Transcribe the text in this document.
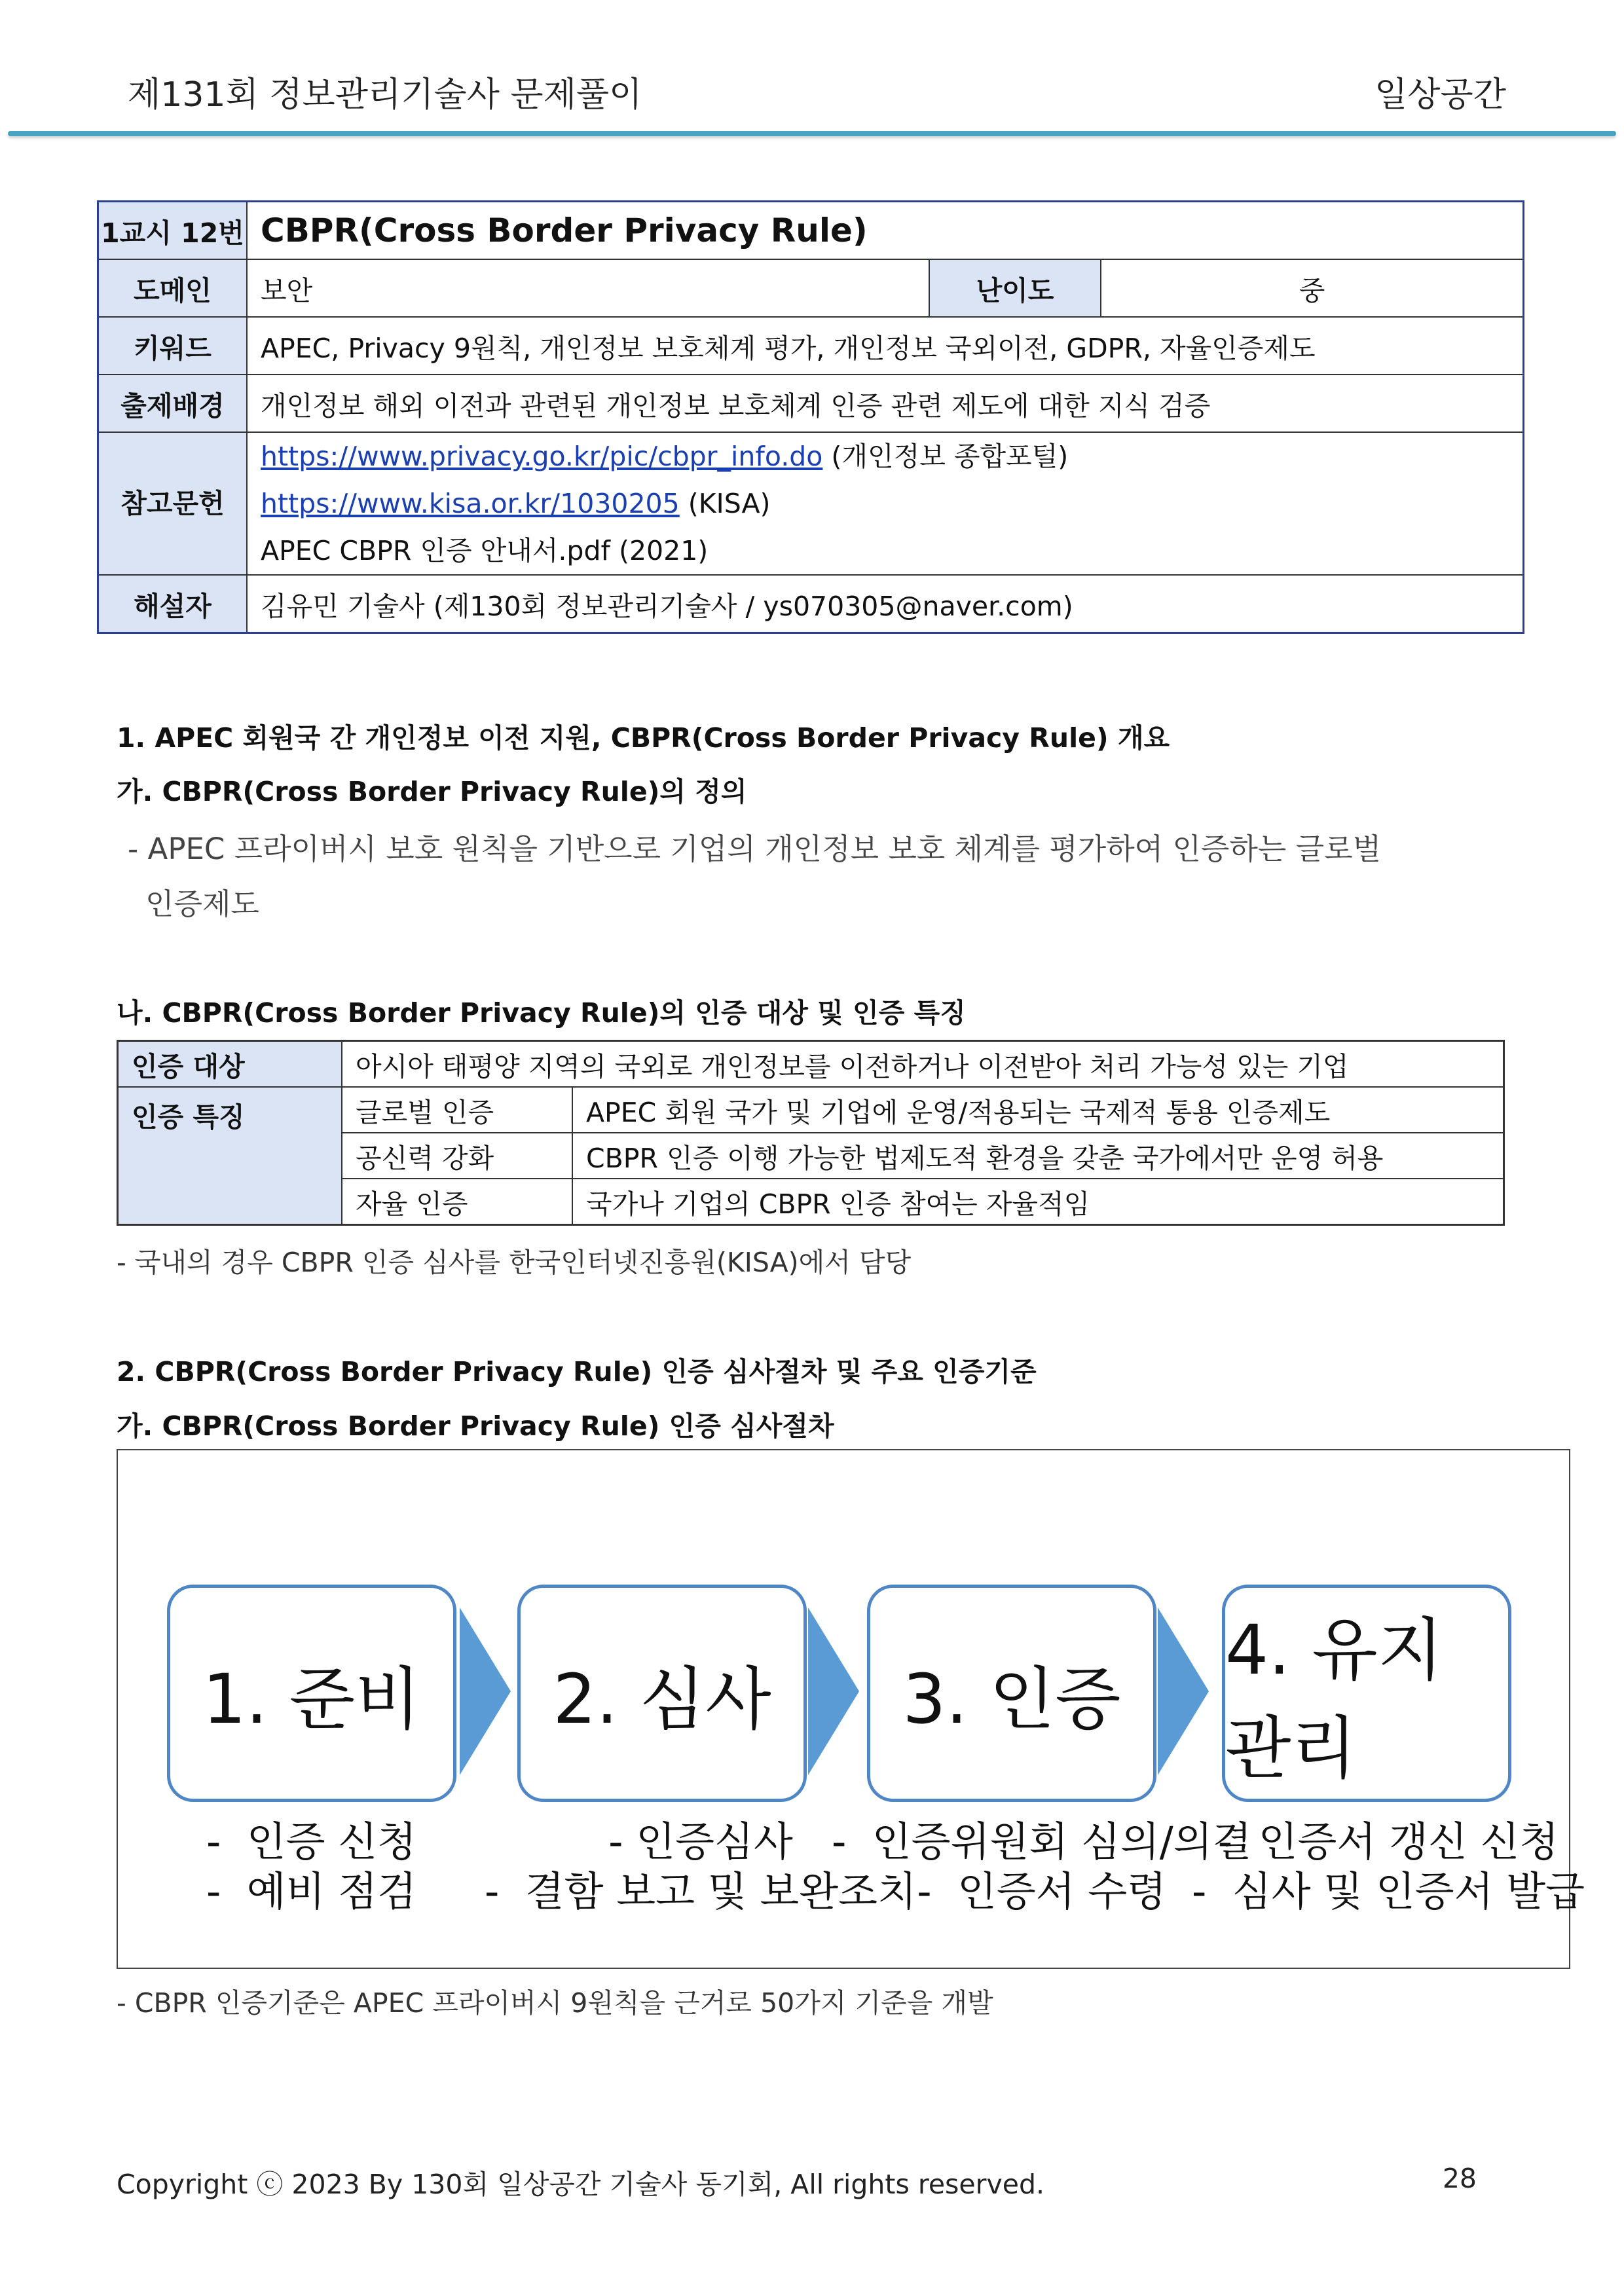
제131회 정보관리기술사 문제풀이	일상공간
1교시 12번	CBPR(Cross Border Privacy Rule)		
도메인	보안	난이도	중
키워드	APEC, Privacy 9원칙, 개인정보 보호체계 평가, 개인정보 국외이전, GDPR, 자율인증제도		
출제배경	개인정보 해외 이전과 관련된 개인정보 보호체계 인증 관련 제도에 대한 지식 검증		
참고문헌	https://www.privacy.go.kr/pic/cbpr_info.do (개인정보 종합포털)
https://www.kisa.or.kr/1030205 (KISA)
APEC CBPR 인증 안내서.pdf (2021)		

해설자	김유민 기술사 (제130회 정보관리기술사 / ys070305@naver.com)		
1. APEC 회원국 간 개인정보 이전 지원, CBPR(Cross Border Privacy Rule) 개요
가. CBPR(Cross Border Privacy Rule)의 정의
- APEC 프라이버시 보호 원칙을 기반으로 기업의 개인정보 보호 체계를 평가하여 인증하는 글로벌
인증제도
나. CBPR(Cross Border Privacy Rule)의 인증 대상 및 인증 특징
인증 대상	아시아 태평양 지역의 국외로 개인정보를 이전하거나 이전받아 처리 가능성 있는 기업	
인증 특징	글로벌 인증	APEC 회원 국가 및 기업에 운영/적용되는 국제적 통용 인증제도
	공신력 강화	CBPR 인증 이행 가능한 법제도적 환경을 갖춘 국가에서만 운영 허용
	자율 인증	국가나 기업의 CBPR 인증 참여는 자율적임
- 국내의 경우 CBPR 인증 심사를 한국인터넷진흥원(KISA)에서 담당
2. CBPR(Cross Border Privacy Rule) 인증 심사절차 및 주요 인증기준
가. CBPR(Cross Border Privacy Rule) 인증 심사절차
1. 준비	2. 심사	3. 인증
4. 유지관리
-  인증 신청
-  예비 점검
- 인증심사
-  결함 보고 및 보완조치
-  인증위원회 심의/의결
-  인증서 수령
-  인증서 갱신 신청
-  심사 및 인증서 발급
- CBPR 인증기준은 APEC 프라이버시 9원칙을 근거로 50가지 기준을 개발
Copyright ⓒ 2023 By 130회 일상공간 기술사 동기회, All rights reserved.	28
